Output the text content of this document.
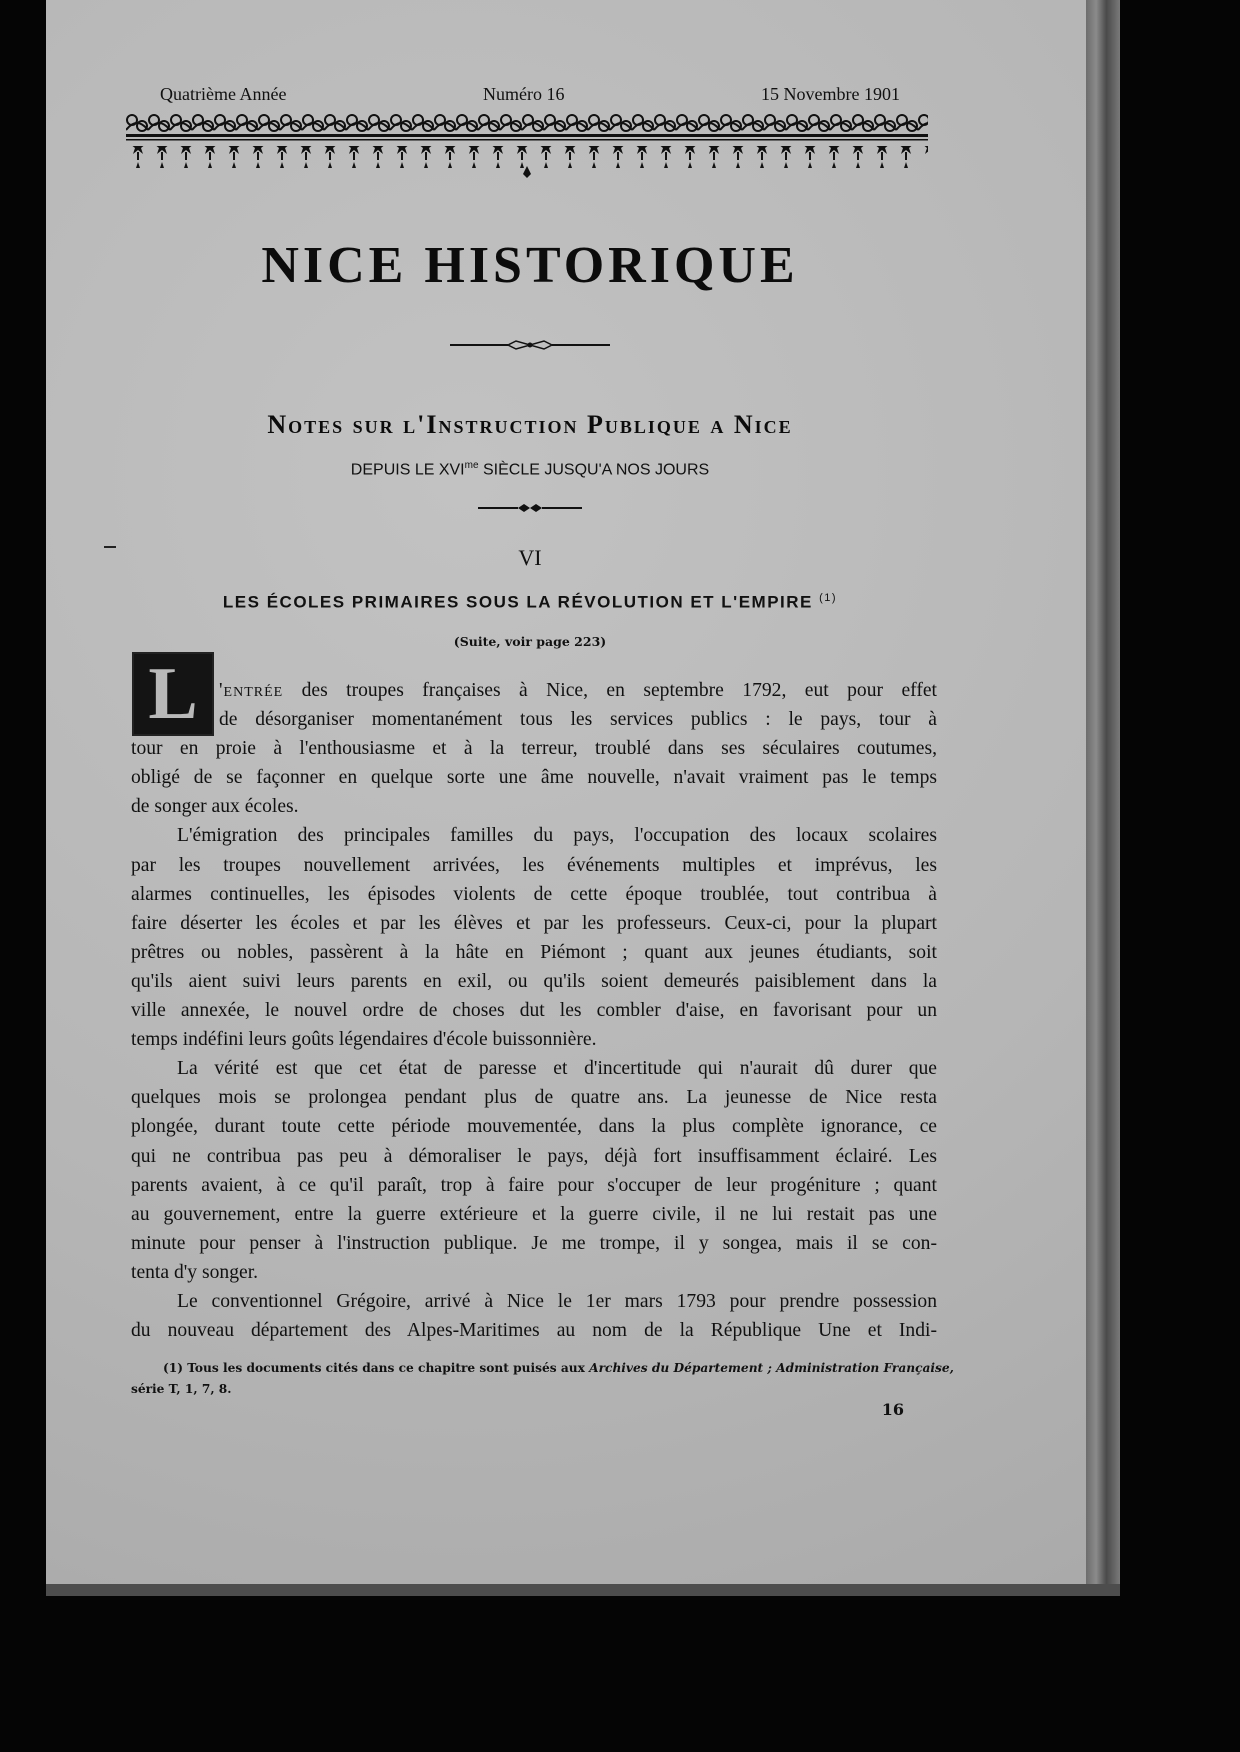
Quatrième Année	Numéro 16	15 Novembre 1901
NICE HISTORIQUE
Notes sur l'Instruction Publique a Nice
DEPUIS LE $XVI^{me}$ SIÈCLE JUSQU'A NOS JOURS
VI
LES ÉCOLES PRIMAIRES SOUS LA RÉVOLUTION ET L'EMPIRE $^{(1)}$
(Suite, voir page 223)
L	'entrée des troupes françaises à Nice, en septembre 1792, eut pour effet
de désorganiser momentanément tous les services publics : le pays, tour à
tour en proie à l'enthousiasme et à la terreur, troublé dans ses séculaires coutumes,
obligé de se façonner en quelque sorte une âme nouvelle, n'avait vraiment pas le temps
de songer aux écoles.
L'émigration des principales familles du pays, l'occupation des locaux scolaires
par les troupes nouvellement arrivées, les événements multiples et imprévus, les
alarmes continuelles, les épisodes violents de cette époque troublée, tout contribua à
faire déserter les écoles et par les élèves et par les professeurs. Ceux-ci, pour la plupart
prêtres ou nobles, passèrent à la hâte en Piémont ; quant aux jeunes étudiants, soit
qu'ils aient suivi leurs parents en exil, ou qu'ils soient demeurés paisiblement dans la
ville annexée, le nouvel ordre de choses dut les combler d'aise, en favorisant pour un
temps indéfini leurs goûts légendaires d'école buissonnière.
La vérité est que cet état de paresse et d'incertitude qui n'aurait dû durer que
quelques mois se prolongea pendant plus de quatre ans. La jeunesse de Nice resta
plongée, durant toute cette période mouvementée, dans la plus complète ignorance, ce
qui ne contribua pas peu à démoraliser le pays, déjà fort insuffisamment éclairé. Les
parents avaient, à ce qu'il paraît, trop à faire pour s'occuper de leur progéniture ; quant
au gouvernement, entre la guerre extérieure et la guerre civile, il ne lui restait pas une
minute pour penser à l'instruction publique. Je me trompe, il y songea, mais il se con-
tenta d'y songer.
Le conventionnel Grégoire, arrivé à Nice le 1er mars 1793 pour prendre possession
du nouveau département des Alpes-Maritimes au nom de la République Une et Indi-
(1) Tous les documents cités dans ce chapitre sont puisés aux Archives du Département ; Administration Française,
série T, 1, 7, 8.
16
